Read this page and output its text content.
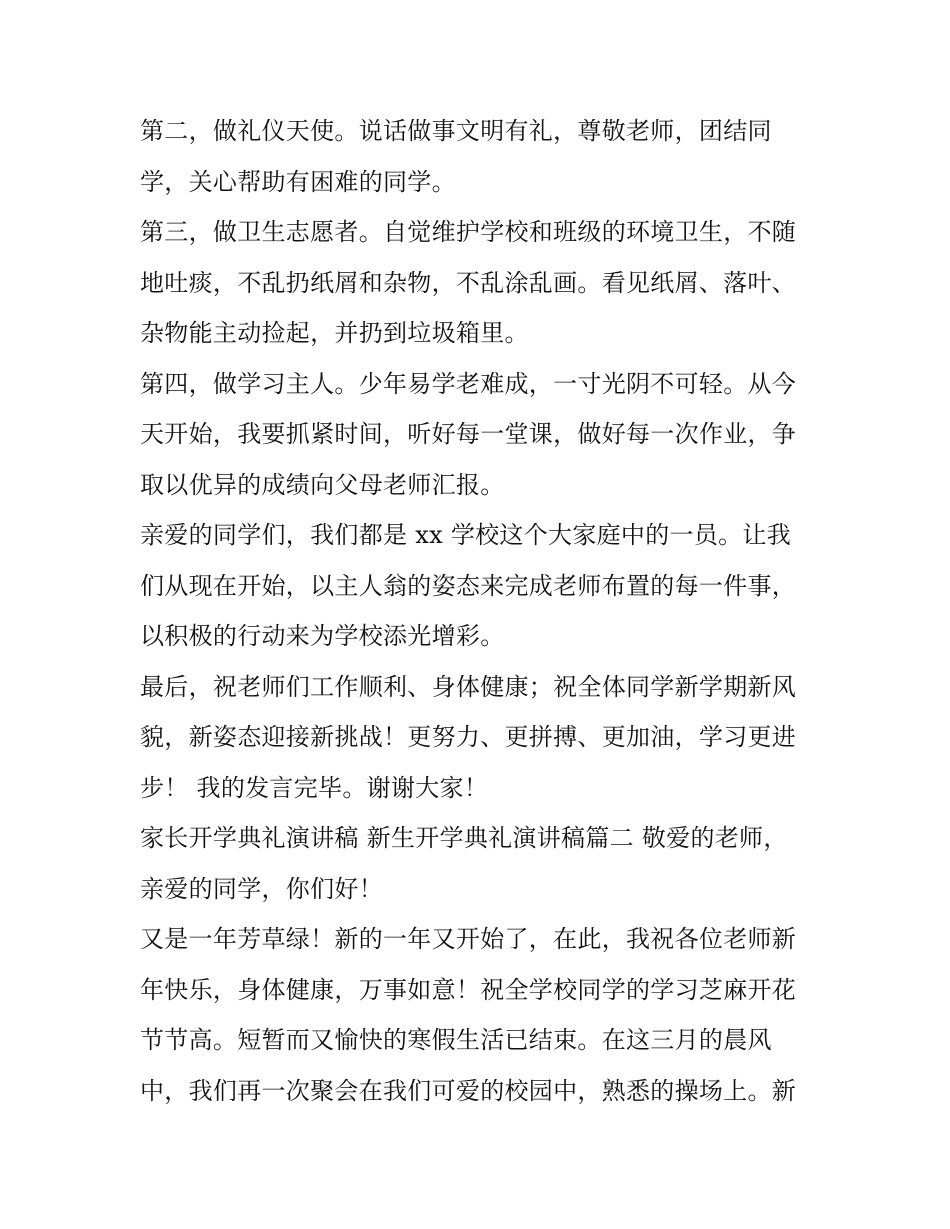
第二，做礼仪天使。说话做事文明有礼，尊敬老师，团结同
学，关心帮助有困难的同学。
第三，做卫生志愿者。自觉维护学校和班级的环境卫生，不随
地吐痰，不乱扔纸屑和杂物，不乱涂乱画。看见纸屑、落叶、
杂物能主动捡起，并扔到垃圾箱里。
第四，做学习主人。少年易学老难成，一寸光阴不可轻。从今
天开始，我要抓紧时间，听好每一堂课，做好每一次作业，争
取以优异的成绩向父母老师汇报。
亲爱的同学们，我们都是 xx 学校这个大家庭中的一员。让我
们从现在开始，以主人翁的姿态来完成老师布置的每一件事，
以积极的行动来为学校添光增彩。
最后，祝老师们工作顺利、身体健康；祝全体同学新学期新风
貌，新姿态迎接新挑战！更努力、更拼搏、更加油，学习更进
步！ 我的发言完毕。谢谢大家！
家长开学典礼演讲稿 新生开学典礼演讲稿篇二 敬爱的老师，
亲爱的同学，你们好！
又是一年芳草绿！新的一年又开始了，在此，我祝各位老师新
年快乐，身体健康，万事如意！祝全学校同学的学习芝麻开花
节节高。短暂而又愉快的寒假生活已结束。在这三月的晨风
中，我们再一次聚会在我们可爱的校园中，熟悉的操场上。新
